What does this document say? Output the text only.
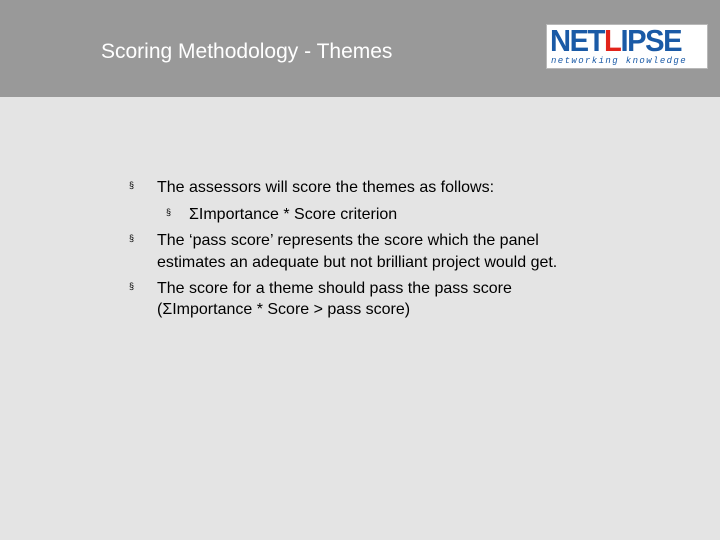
Scoring Methodology - Themes	NETLIPSE
networking knowledge
§ The assessors will score the themes as follows:
§ ΣImportance * Score criterion
§ The ‘pass score’ represents the score which the panel
estimates an adequate but not brilliant project would get.
§ The score for a theme should pass the pass score
(ΣImportance * Score > pass score)
